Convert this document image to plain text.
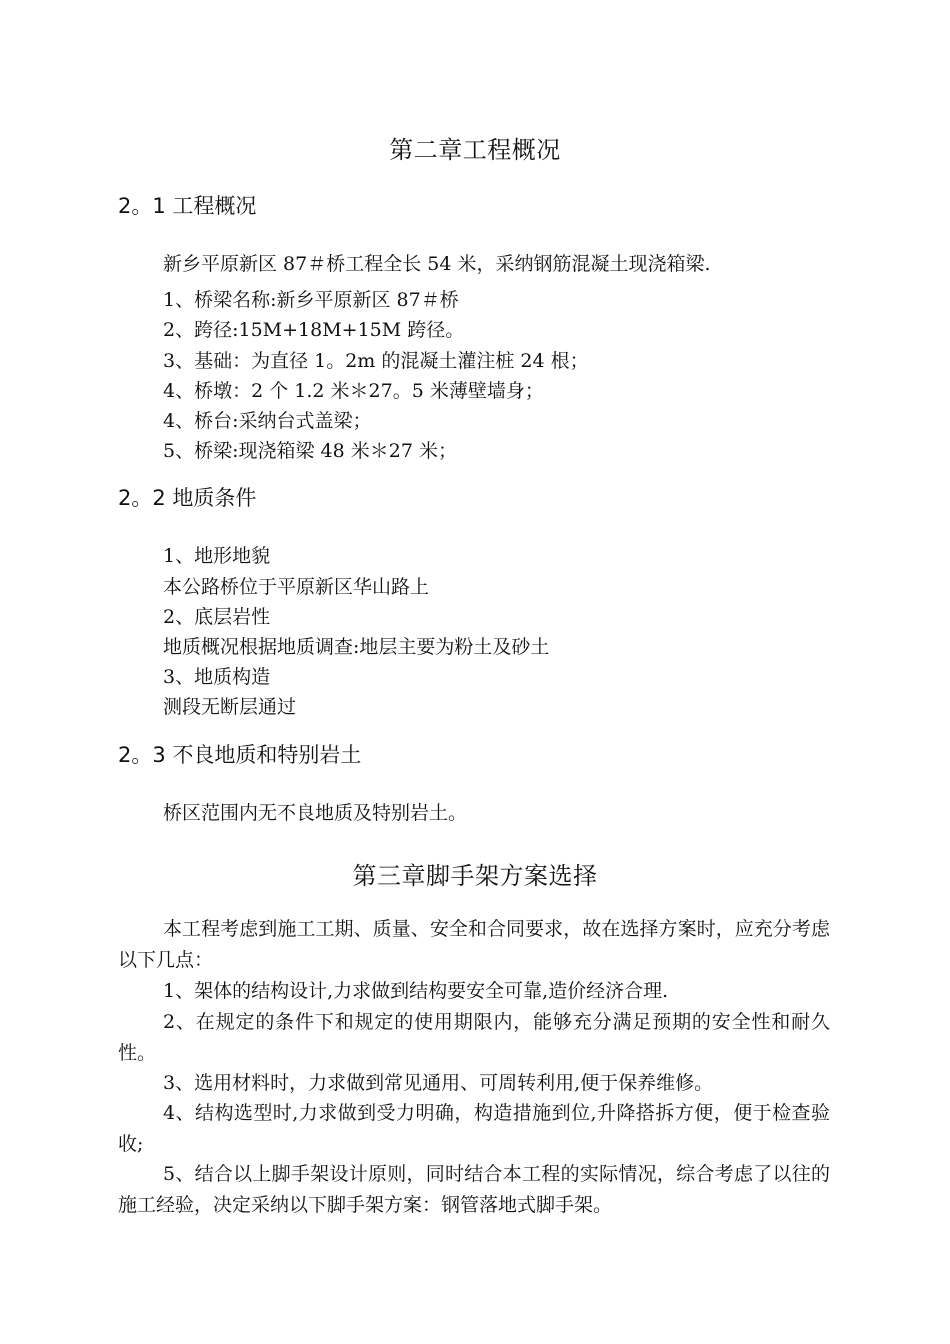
第二章工程概况
2。1 工程概况
新乡平原新区 87＃桥工程全长 54 米，采纳钢筋混凝土现浇箱梁.
1、桥梁名称:新乡平原新区 87＃桥
2、跨径:15M+18M+15M 跨径。
3、基础：为直径 1。2m 的混凝土灌注桩 24 根；
4、桥墩：2 个 1.2 米＊27。5 米薄壁墙身；
4、桥台:采纳台式盖梁；
5、桥梁:现浇箱梁 48 米＊27 米；
2。2 地质条件
1、地形地貌
本公路桥位于平原新区华山路上
2、底层岩性
地质概况根据地质调查:地层主要为粉土及砂土
3、地质构造
测段无断层通过
2。3 不良地质和特别岩土
桥区范围内无不良地质及特别岩土。
第三章脚手架方案选择
本工程考虑到施工工期、质量、安全和合同要求，故在选择方案时，应充分考虑以下几点：
1、架体的结构设计,力求做到结构要安全可靠,造价经济合理.
2、在规定的条件下和规定的使用期限内，能够充分满足预期的安全性和耐久性。
3、选用材料时，力求做到常见通用、可周转利用,便于保养维修。
4、结构选型时,力求做到受力明确，构造措施到位,升降搭拆方便，便于检查验收;
5、结合以上脚手架设计原则，同时结合本工程的实际情况，综合考虑了以往的施工经验，决定采纳以下脚手架方案：钢管落地式脚手架。
